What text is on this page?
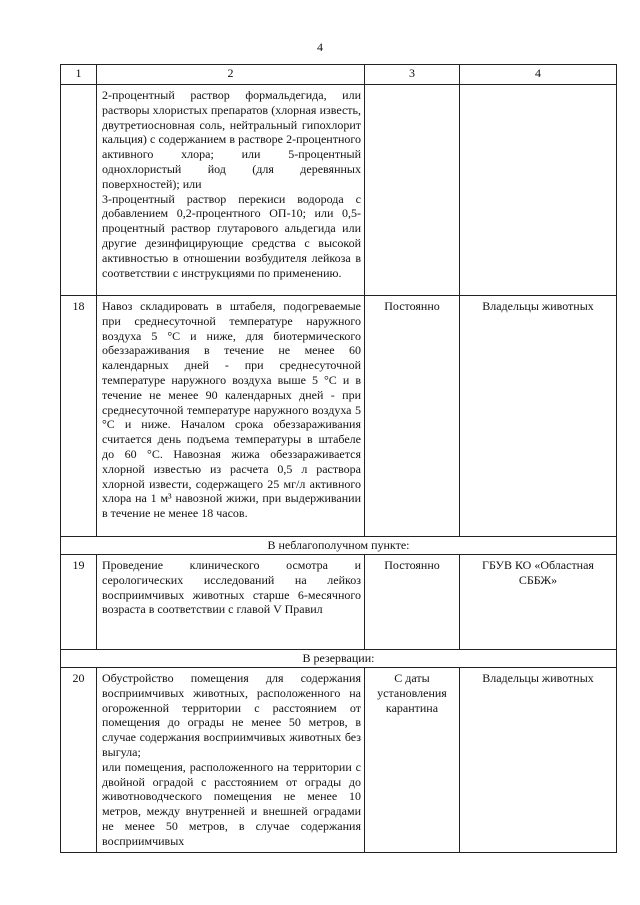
4
1	2	3	4

	2-процентный раствор формальдегида, или растворы хлористых препаратов (хлорная известь, двутретиосновная соль, нейтральный гипохлорит кальция) с содержанием в растворе 2-процентного активного хлора; или 5-процентный однохлористый йод (для деревянных поверхностей); или
3-процентный раствор перекиси водорода с добавлением 0,2-процентного ОП-10; или 0,5-процентный раствор глутарового альдегида или другие дезинфицирующие средства с высокой активностью в отношении возбудителя лейкоза в соответствии с инструкциями по применению.		

18	Навоз складировать в штабеля, подогреваемые при среднесуточной температуре наружного воздуха 5 °С и ниже, для биотермического обеззараживания в течение не менее 60 календарных дней - при среднесуточной температуре наружного воздуха выше 5 °С и в течение не менее 90 календарных дней - при среднесуточной температуре наружного воздуха 5 °С и ниже. Началом срока обеззараживания считается день подъема температуры в штабеле до 60 °С. Навозная жижа обеззараживается хлорной известью из расчета 0,5 л раствора хлорной извести, содержащего 25 мг/л активного хлора на 1 м³ навозной жижи, при выдерживании в течение не менее 18 часов.	Постоянно	Владельцы животных
В неблагополучном пункте:			
19	Проведение клинического осмотра и серологических исследований на лейкоз восприимчивых животных старше 6-месячного возраста в соответствии с главой V Правил	Постоянно	ГБУВ КО «Областная СББЖ»
В резервации:			
20	Обустройство помещения для содержания восприимчивых животных, расположенного на огороженной территории с расстоянием от помещения до ограды не менее 50 метров, в случае содержания восприимчивых животных без выгула;
или помещения, расположенного на территории с двойной оградой с расстоянием от ограды до животноводческого помещения не менее 10 метров, между внутренней и внешней оградами не менее 50 метров, в случае содержания восприимчивых	С даты установления карантина	Владельцы животных
